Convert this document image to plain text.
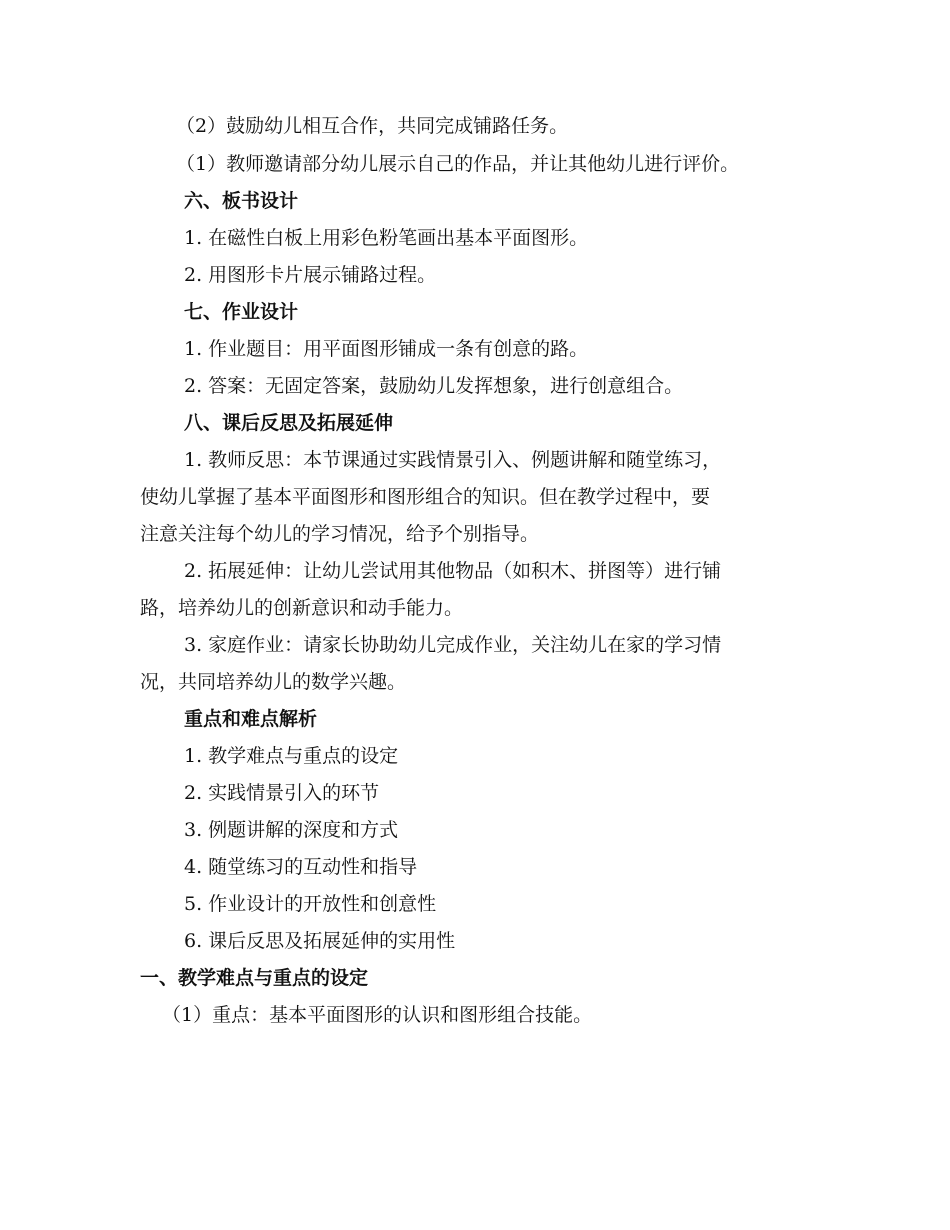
（2）鼓励幼儿相互合作，共同完成铺路任务。
（1）教师邀请部分幼儿展示自己的作品，并让其他幼儿进行评价。
六、板书设计
1. 在磁性白板上用彩色粉笔画出基本平面图形。
2. 用图形卡片展示铺路过程。
七、作业设计
1. 作业题目：用平面图形铺成一条有创意的路。
2. 答案：无固定答案，鼓励幼儿发挥想象，进行创意组合。
八、课后反思及拓展延伸
1. 教师反思：本节课通过实践情景引入、例题讲解和随堂练习，
使幼儿掌握了基本平面图形和图形组合的知识。但在教学过程中，要
注意关注每个幼儿的学习情况，给予个别指导。
2. 拓展延伸：让幼儿尝试用其他物品（如积木、拼图等）进行铺
路，培养幼儿的创新意识和动手能力。
3. 家庭作业：请家长协助幼儿完成作业，关注幼儿在家的学习情
况，共同培养幼儿的数学兴趣。
重点和难点解析
1. 教学难点与重点的设定
2. 实践情景引入的环节
3. 例题讲解的深度和方式
4. 随堂练习的互动性和指导
5. 作业设计的开放性和创意性
6. 课后反思及拓展延伸的实用性
一、教学难点与重点的设定
（1）重点：基本平面图形的认识和图形组合技能。
